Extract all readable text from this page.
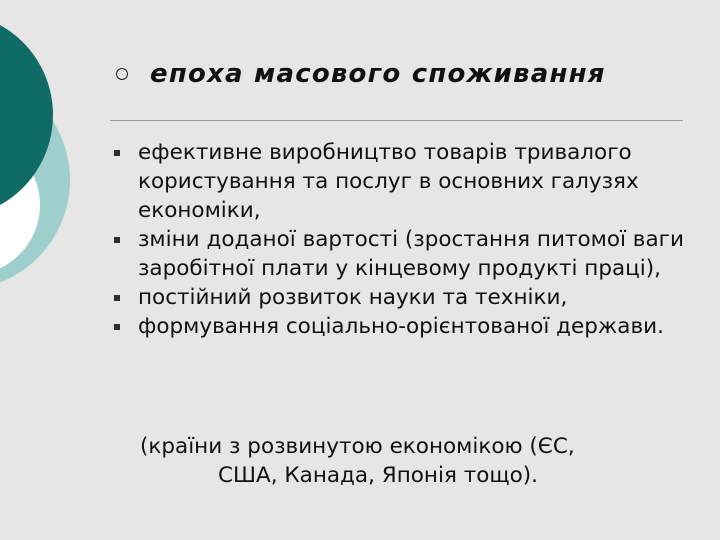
епоха масового споживання
ефективне виробництво товарів тривалого користування та послуг в основних галузях економіки,
зміни доданої вартості (зростання питомої ваги заробітної плати у кінцевому продукті праці),
постійний розвиток науки та техніки,
формування соціально-орієнтованої держави.
(країни з розвинутою економікою (ЄС,
США, Канада, Японія тощо).
